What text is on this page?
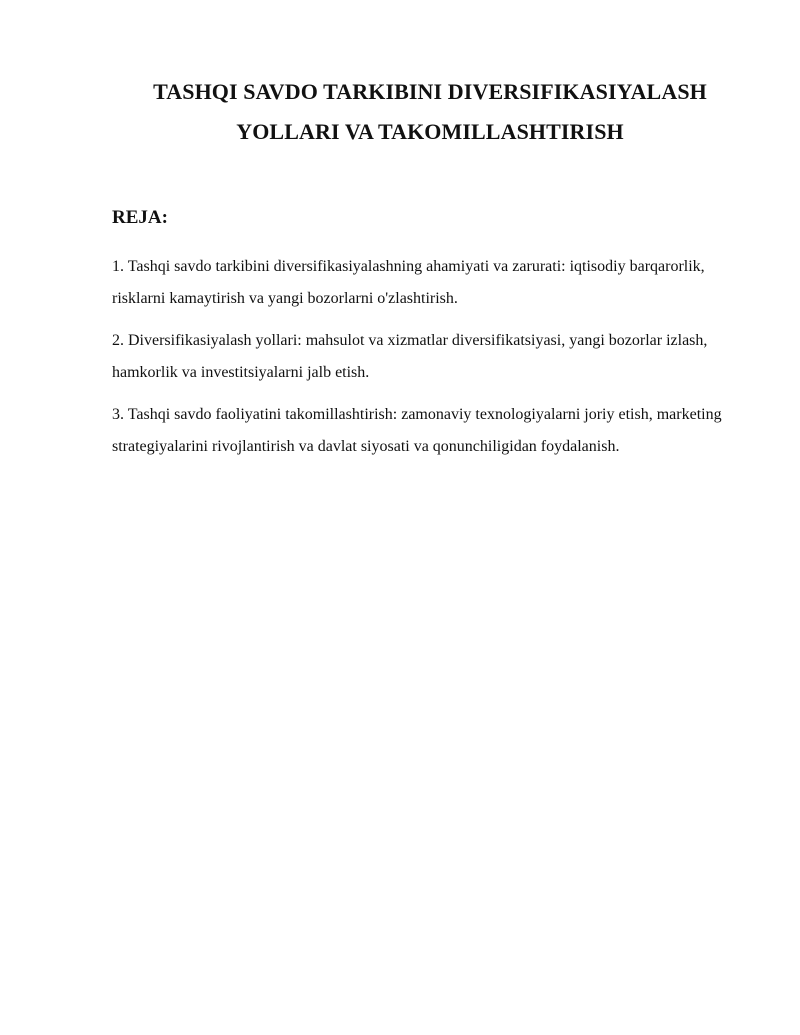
TASHQI SAVDO TARKIBINI DIVERSIFIKASIYALASH
YOLLARI VA TAKOMILLASHTIRISH
REJA:

1. Tashqi savdo tarkibini diversifikasiyalashning ahamiyati va zarurati: iqtisodiy barqarorlik, risklarni kamaytirish va yangi bozorlarni o'zlashtirish.

2. Diversifikasiyalash yollari: mahsulot va xizmatlar diversifikatsiyasi, yangi bozorlar izlash, hamkorlik va investitsiyalarni jalb etish.

3. Tashqi savdo faoliyatini takomillashtirish: zamonaviy texnologiyalarni joriy etish, marketing strategiyalarini rivojlantirish va davlat siyosati va qonunchiligidan foydalanish.
